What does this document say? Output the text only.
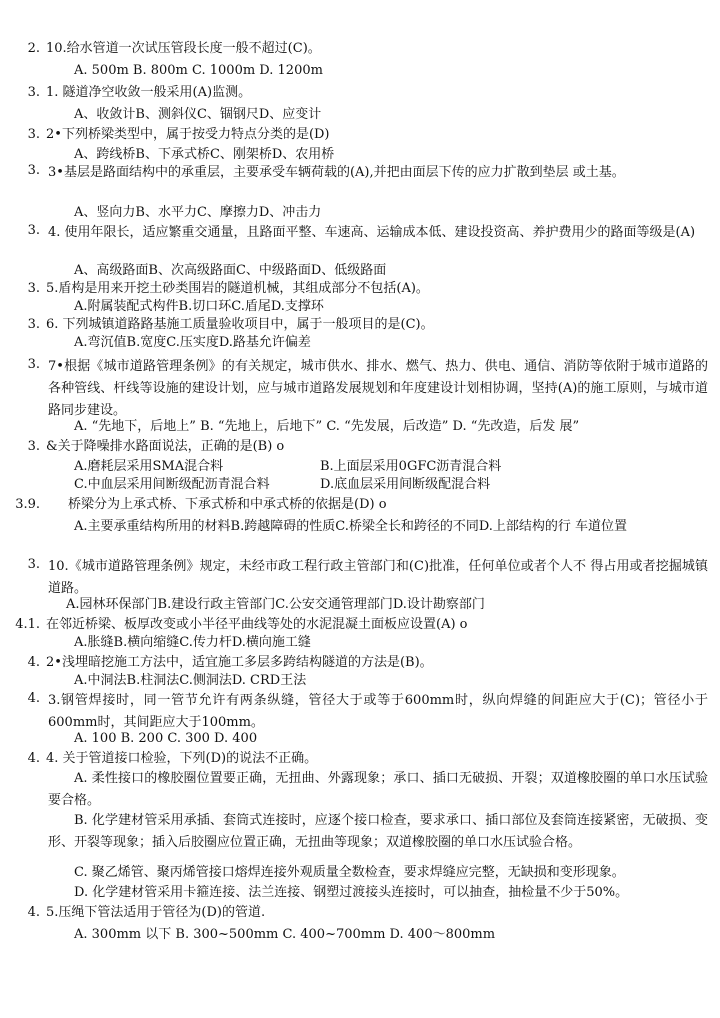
2. 10.给水管道一次试压管段长度一般不超过(C)。
A. 500m B. 800m C. 1000m D. 1200m
3. 1. 隧道净空收敛一般采用(A)监测。
A、收敛计B、测斜仪C、锢钢尺D、应变计
3. 2•下列桥梁类型中，属于按受力特点分类的是(D)
A、跨线桥B、下承式桥C、刚架桥D、农用桥
3. 3•基层是路面结构中的承重层，主要承受车辆荷载的(A),并把由面层下传的应力扩散到垫层 或土基。
A、竖向力B、水平力C、摩擦力D、冲击力
3. 4. 使用年限长，适应繁重交通量，且路面平整、车速高、运输成本低、建设投资高、养护费用少的路面等级是(A)
A、高级路面B、次高级路面C、中级路面D、低级路面
3. 5.盾构是用来开挖土砂类围岩的隧道机械，其组成部分不包括(A)。
A.附属装配式构件B.切口环C.盾尾D.支撑环
3. 6. 下列城镇道路路基施工质量验收项目中，属于一般项目的是(C)。
A.弯沉值B.宽度C.压实度D.路基允许偏差
3. 7•根据《城市道路管理条例》的有关规定，城市供水、排水、燃气、热力、供电、通信、消防等依附于城市道路的各种管线、杆线等设施的建设计划，应与城市道路发展规划和年度建设计划相协调，坚持(A)的施工原则，与城市道路同步建设。
A. “先地下，后地上” B. “先地上，后地下” C. “先发展，后改造” D. “先改造，后发 展”
3. &关于降噪排水路面说法，正确的是(B) o
A.磨耗层采用SMA混合料	B.上面层采用0GFC沥青混合料
C.中血层采用间断级配沥青混合料	D.底血层采用间断级配混合料
3.9.	桥梁分为上承式桥、下承式桥和中承式桥的依据是(D) o
A.主要承重结构所用的材料B.跨越障碍的性质C.桥梁全长和跨径的不同D.上部结构的行 车道位置
3. 10.《城市道路管理条例》规定，未经市政工程行政主管部门和(C)批准，任何单位或者个人不 得占用或者挖掘城镇道路。
A.园林环保部门B.建设行政主管部门C.公安交通管理部门D.设计勘察部门
4.1. 在邻近桥梁、板厚改变或小半径平曲线等处的水泥混凝土面板应设置(A) o
A.胀缝B.横向缩缝C.传力杆D.横向施工缝
4. 2•浅埋暗挖施工方法中，适宜施工多层多跨结构隧道的方法是(B)。
A.中洞法B.柱洞法C.侧洞法D. CRD王法
4. 3.钢管焊接时，同一管节允许有两条纵缝，管径大于或等于600mm时，纵向焊缝的间距应大于(C)；管径小于600mm时，其间距应大于100mm。
A. 100 B. 200 C. 300 D. 400
4. 4. 关于管道接口检验，下列(D)的说法不正确。
A. 柔性接口的橡胶圈位置要正确，无扭曲、外露现象；承口、插口无破损、开裂；双道橡胶圈的单口水压试验要合格。
B. 化学建材管采用承插、套筒式连接时，应逐个接口检查，要求承口、插口部位及套筒连接紧密，无破损、变形、开裂等现象；插入后胶圈应位置正确，无扭曲等现象；双道橡胶圈的单口水压试验合格。
C. 聚乙烯管、聚丙烯管接口熔焊连接外观质量全数检查，要求焊缝应完整，无缺损和变形现象。
D. 化学建材管采用卡箍连接、法兰连接、钢塑过渡接头连接时，可以抽查，抽检量不少于50%。
4. 5.压绳下管法适用于管径为(D)的管道.
A. 300mm 以下 B. 300~500mm C. 400~700mm D. 400〜800mm
